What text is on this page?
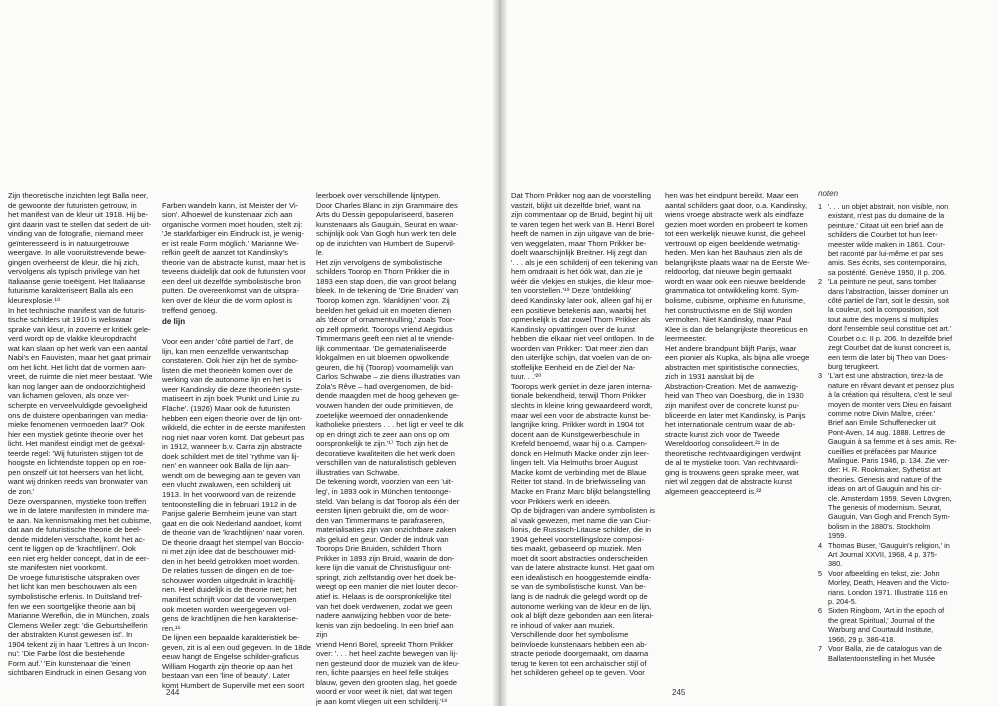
Zijn theoretische inzichten legt Balla neer,
de gewoonte der futuristen getrouw, in
het manifest van de kleur uit 1918. Hij be-
gint daarin vast te stellen dat sedert de uit-
vinding van de fotografie, niemand meer
geïnteresseerd is in natuurgetrouwe
weergave. In alle vooruitstrevende bewe-
gingen overheerst de kleur, die hij zich,
vervolgens als typisch privilege van het
Italiaanse genie toeëigent. Het Italiaanse
futurisme karakteriseert Balla als een
kleurexplosie.¹⁸
In het technische manifest van de futuris-
tische schilders uit 1910 is weliswaar
sprake van kleur, in zoverre er kritiek gele-
verd wordt op de vlakke kleuropdracht
wat kan slaan op het werk van een aantal
Nabi's en Fauvisten, maar het gaat primair
om het licht. Het licht dat de vormen aan-
vreet, de ruimte die niet meer bestaat. 'Wie
kan nog langer aan de ondoorzichtigheid
van lichamen geloven, als onze ver-
scherpte en verveelvuldigde gevoeligheid
ons de duistere openbaringen van media-
mieke fenomenen vermoeden laat?' Ook
hier een mystiek getinte theorie over het
licht. Het manifest eindigt met de geëxal-
teerde regel: 'Wij futuristen stijgen tot de
hoogste en lichtendste toppen op en roe-
pen onszelf uit tot heersers van het licht,
want wij drinken reeds van bronwater van
de zon.'
Deze overspannen, mystieke toon treffen
we in de latere manifesten in mindere ma-
te aan. Na kennismaking met het cubisme,
dat aan de futuristische theorie de beel-
dende middelen verschafte, komt het ac-
cent te liggen op de 'krachtlijnen'. Ook
een niet erg helder concept, dat in de eer-
ste manifesten niet voorkomt.
De vroege futuristische uitspraken over
het licht kan men beschouwen als een
symbolistische erfenis. In Duitsland tref-
fen we een soortgelijke theorie aan bij
Marianne Werefkin, die in München, zoals
Clemens Weiler zegt: 'die Geburtshelferin
der abstrakten Kunst gewesen ist'. In
1904 tekent zij in haar 'Lettres à un Incon-
nu': 'Die Farbe löst die bestehende
Form auf.' 'Ein kunstenaar die 'einen
sichtbaren Eindruck in einen Gesang von

Farben wandeln kann, ist Meister der Vi-
sion'. Alhoewel de kunstenaar zich aan
organische vormen moet houden, stelt zij:
'Je starkfarbiger ein Eindruck ist, je wenig-
er ist reale Form möglich.' Marianne We-
refkin geeft de aanzet tot Kandinsky's
theorie van de abstracte kunst, maar het is
teveens duidelijk dat ook de futuristen voor
een deel uit dezelfde symbolistische bron
putten. De overeenkomst van de uitspra-
ken over de kleur die de vorm oplost is
treffend genoeg.

de lijn

Voor een ander 'côté partiel de l'art', de
lijn, kan men eenzelfde verwantschap
constateren. Ook hier zijn het de symbo-
listen die met theorieën komen over de
werking van de autonome lijn en het is
weer Kandinsky die deze theorieën syste-
matiseert in zijn boek 'Punkt und Linie zu
Fläche'. (1926) Maar ook de futuristen
hebben een eigen theorie over de lijn ont-
wikkeld, die echter in de eerste manifesten
nog niet naar voren komt. Dat gebeurt pas
in 1912, wanneer b.v. Carra zijn abstracte
doek schildert met de titel 'rythme van lij-
nen' en wanneer ook Balla de lijn aan-
wendt om de beweging aan te geven van
een vlucht zwaluwen, een schilderij uit
1913. In het voorwoord van de reizende
tentoonstelling die in februari 1912 in de
Parijse galerie Bernheim jeune van start
gaat en die ook Nederland aandoet, komt
de theorie van de 'krachtlijnen' naar voren.
De theorie draagt het stempel van Boccio-
ni met zijn idee dat de beschouwer mid-
den in het beeld getrokken moet worden.
De relaties tussen de dingen en de toe-
schouwer worden uitgedrukt in krachtlij-
nen. Heel duidelijk is de theorie niet; het
manifest schrijft voor dat de voorwerpen
ook moeten worden weergegeven vol-
gens de krachtlijnen die hen karakterise-
ren.¹⁶
De lijnen een bepaalde karakteristiek be-
geven, zit is al een oud gegeven. In de 18de
eeuw hangt de Engelse schilder-graficus
William Hogarth zijn theorie op aan het
bestaan van een 'line of beauty'. Later
komt Humbert de Superville met een soort

leerboek over verschillende lijntypen.
Door Charles Blanc in zijn Grammaire des
Arts du Dessin gepopulariseerd, baseren
kunstenaars als Gauguin, Seurat en waar-
schijnlijk ook Van Gogh hun werk ten dele
op de inzichten van Humbert de Supervil-
le.
Het zijn vervolgens de symbolistische
schilders Toorop en Thorn Prikker die in
1893 een stap doen, die van groot belang
bleek. In de tekening de 'Drie Bruiden' van
Toorop komen zgn. 'klanklijnen' voor. Zij
beelden het geluid uit en moeten dienen
als 'décor of ornamentvulling,' zoals Toor-
op zelf opmerkt. Toorops vriend Aegidius
Timmermans geeft een niet al te vriende-
lijk commentaar. 'De gematerialiseerde
klokgalmen en uit bloemen opwolkende
geuren, die hij (Toorop) voornamelijk van
Carlos Schwabe – zie diens illustraties van
Zola's Rêve – had overgenomen, de bid-
dende maagden met de hoog geheven ge-
vouwen handen der oude primitieven, de
zoetelijke weemoed der onnadenkende
katholieke priesters . . . het ligt er veel te dik
op en dringt zich te zeer aan ons op om
oorspronkelijk te zijn.'¹⁷ Toch zijn het de
decoratieve kwaliteiten die het werk doen
verschillen van de naturalistisch gebleven
illustraties van Schwabe.
De tekening wordt, voorzien van een 'uit-
leg', in 1893 ook in München tentoonge-
steld. Van belang is dat Toorop als één der
eersten lijnen gebruikt die, om de woor-
den van Timmermans te parafraseren,
materialisaties zijn van onzichtbare zaken
als geluid en geur. Onder de indruk van
Toorops Drie Bruiden, schildert Thorn
Prikker in 1893 zijn Bruid, waarin de don-
kere lijn die vanuit de Christusfiguur ont-
springt, zich zelfstandig over het doek be-
weegt op een manier die niet louter decor-
atief is. Helaas is de oorspronkelijke titel
van het doek verdwenen, zodat we geen
nadere aanwijzing hebben voor de bete-
kenis van zijn bedoeling. In een brief aan zijn
vriend Henri Borel, spreekt Thorn Prikker
over: '. . . het heel zachte bewegen van lij-
nen gesteund door de muziek van de kleu-
ren, lichte paarsjes en heel felle stukjes
blauw, geven den grooten slag, het goede
woord er voor weet ik niet, dat wat tegen
je aan komt vliegen uit een schilderij.'¹⁸
244
Dat Thorn Prikker nog aan de voorstelling
vastzit, blijkt uit dezelfde brief, want na
zijn commentaar op de Bruid, begint hij uit
te varen tegen het werk van B. Henri Borel
heeft de namen in zijn uitgave van de brie-
ven weggelaten, maar Thorn Prikker be-
doelt waarschijnlijk Breitner. Hij zegt dan
'. . . als je een schilderij of een tekening van
hem omdraait is het óók wat, dan zie je
wéér die vlekjes en stukjes, die kleur moe-
ten voorstellen.'¹⁹ Deze 'ontdekking'
deed Kandinsky later ook, alleen gaf hij er
een positieve betekenis aan, waarbij het
opmerkelijk is dat zowel Thorn Prikker als
Kandinsky opvattingen over de kunst
hebben die elkaar niet veel ontlopen. In de
woorden van Prikker: 'Dat meer zien dan
den uiterlijke schijn, dat voelen van de on-
stoffelijke Eenheid en de Ziel der Na-
tuur. . .'²⁰
Toorops werk geniet in deze jaren interna-
tionale bekendheid, terwijl Thorn Prikker
slechts in kleine kring gewaardeerd wordt,
maar wel een voor de abstracte kunst be-
langrijke kring. Prikker wordt in 1904 tot
docent aan de Kunstgewerbeschule in
Krefeld benoemd, waar hij o.a. Campen-
donck en Helmuth Macke onder zijn leer-
lingen telt. Via Helmuths broer August
Macke komt de verbinding met de Blaue
Reiter tot stand. In de briefwisseling van
Macke en Franz Marc blijkt belangstelling
voor Prikkers werk en ideeën.
Op de bijdragen van andere symbolisten is
al vaak gewezen, met name die van Ciur-
lionis, de Russisch-Litause schilder, die in
1904 geheel voorstellingsloze composi-
ties maakt, gebaseerd op muziek. Men
moet dit soort abstracties onderscheiden
van de latere abstracte kunst. Het gaat om
een idealistisch en hooggestemde eindfa-
se van de symbolistische kunst. Van be-
lang is de nadruk die gelegd wordt op de
autonome werking van de kleur en de lijn,
ook al blijft deze gebonden aan een literai-
re inhoud of vaker aan muziek.
Verschillende door het symbolisme
beïnvloede kunstenaars hebben een ab-
stracte periode doorgemaakt, om daarna
terug te keren tot een archaïscher stijl of
het schilderen geheel op te geven. Voor
hen was het eindpunt bereikt. Maar een
aantal schilders gaat door, o.a. Kandinsky,
wiens vroege abstracte werk als eindfaze
gezien moet worden en probeert te komen
tot een werkelijk nieuwe kunst, die geheel
vertrouwt op eigen beeldende wetmatig-
heden. Men kan het Bauhaus zien als de
belangrijkste plaats waar na de Eerste We-
reldoorlog, dat nieuwe begin gemaakt
wordt en waar ook een nieuwe beeldende
grammatica tot ontwikkeling komt. Sym-
bolisme, cubisme, orphisme en futurisme,
het constructivisme en de Stijl worden
vermolten. Niet Kandinsky, maar Paul
Klee is dan de belangrijkste theoreticus en
leermeester.
Het andere brandpunt blijft Parijs, waar
een pionier als Kupka, als bijna alle vroege
abstracten met spiritistische connecties,
zich in 1931 aansluit bij de
Abstraction-Creation. Met de aanwezig-
heid van Theo van Doesburg, die in 1930
zijn manifest over de concrete kunst pu-
bliceerde en later met Kandinsky, is Parijs
het internationale centrum waar de ab-
stracte kunst zich voor de Tweede
Wereldoorlog consolideert.²¹ In de
theoretische rechtvaardigingen verdwijnt
de al te mystieke toon. Van rechtvaardi-
ging is trouwens geen sprake meer, wat
niet wil zeggen dat de abstracte kunst
algemeen geaccepteerd is.²²
245
noten
1 '. . . un objet abstrait, non visible, non
existant, n'est pas du domaine de la
peinture.' Citaat uit een brief aan de
schilders die Courbet tot hun leer-
meester wilde maken in 1861. Cour-
bet raconté par lui-même et par ses
amis. Ses écrits, ses contemporains,
sa postérité. Genève 1950, II p. 206.
2 'La peinture ne peut, sans tomber
dans l'abstraction, laisser dominer un
côté partiel de l'art, soit le dessin, soit
la couleur, soit la composition, soit
tout autre des moyens si multiples
dont l'ensemble seul constitue cet art.'
Courbet o.c. II p. 206. In dezelfde brief
zegt Courbet dat de kunst concreet is,
een term die later bij Theo van Does-
burg terugkeert.
3 'L'art est une abstraction, tirez-la de
nature en rêvant devant et pensez plus
à la création qui résultera, c'est le seul
moyen de monter vers Dieu en faisant
comme notre Divin Maître, créer.'
Brief aan Emile Schuffenecker uit
Pont-Aven, 14 aug. 1888. Lettres de
Gauguin à sa femme et à ses amis. Re-
cueillies et préfacées par Maurice
Malingue. Paris 1946, p. 134. Zie ver-
der: H. R. Rookmaker, Sythetist art
theories. Genesis and nature of the
ideas on art of Gauguin and his cir-
cle. Amsterdam 1959. Seven Lövgren,
The genesis of modernism. Seurat,
Gauguin, Van Gogh and French Sym-
bolism in the 1880's. Stockholm
1959.
4 Thomas Buser, 'Gauguin's religion,' in
Art Journal XXVII, 1968, 4 p. 375-
380.
5 Voor afbeelding en tekst, zie: John
Morley, Death, Heaven and the Victo-
rians. London 1971. Illustratie 116 en
p. 204-5.
6 Sixten Ringbom, 'Art in the epoch of
the great Spiritual,' Journal of the
Warburg and Courtauld Institute,
1966, 29 p. 386-418.
7 Voor Balla, zie de catalogus van de
Ballatentoonstelling in het Musée
